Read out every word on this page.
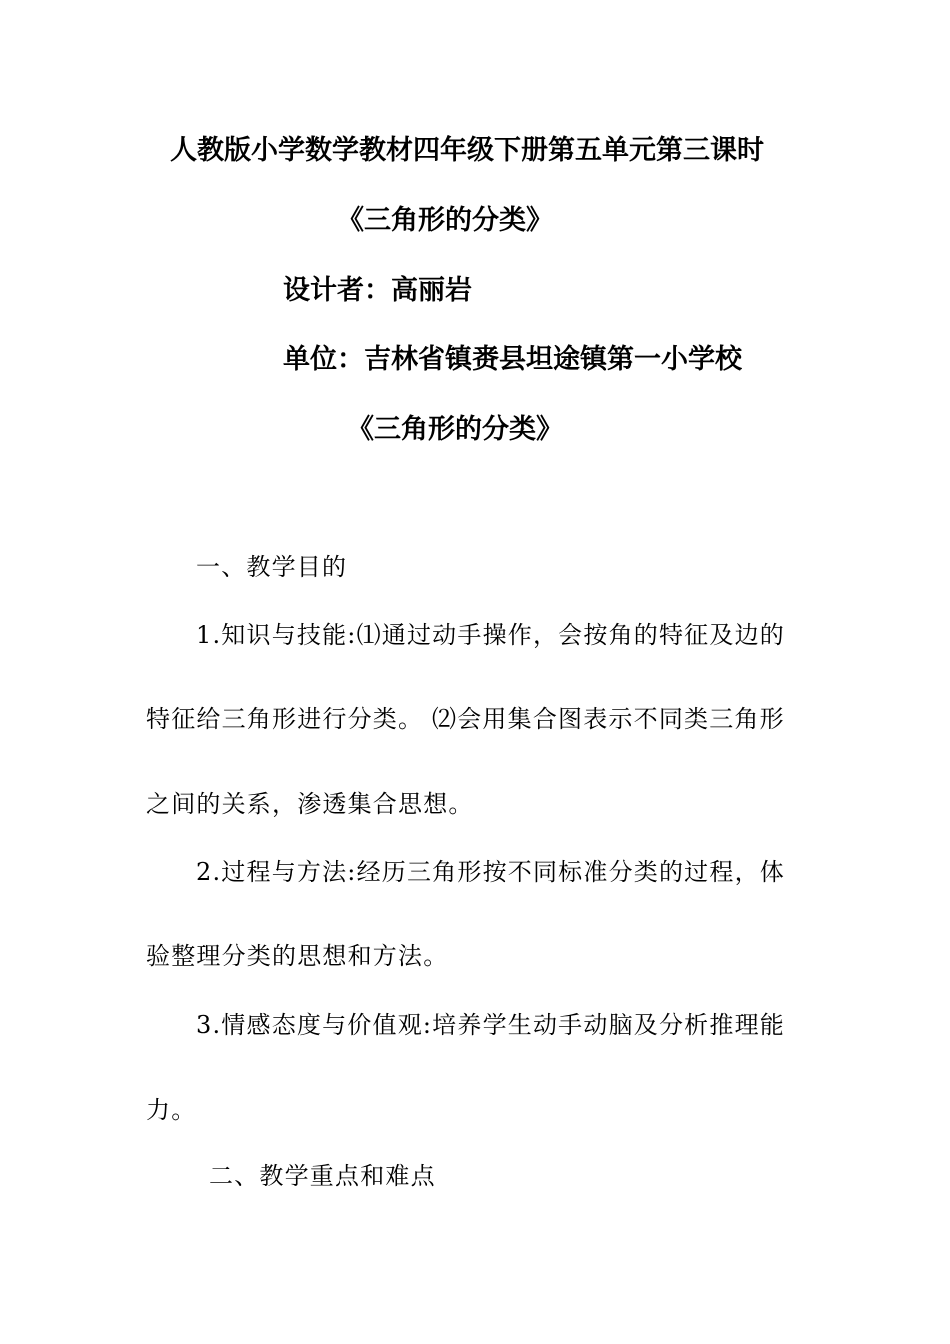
人教版小学数学教材四年级下册第五单元第三课时
《三角形的分类》
设计者：高丽岩
单位：吉林省镇赉县坦途镇第一小学校
《三角形的分类》
一、教学目的
1.知识与技能:⑴通过动手操作，会按角的特征及边的
特征给三角形进行分类。 ⑵会用集合图表示不同类三角形
之间的关系，渗透集合思想。
2.过程与方法:经历三角形按不同标准分类的过程，体
验整理分类的思想和方法。
3.情感态度与价值观:培养学生动手动脑及分析推理能
力。
二、教学重点和难点
